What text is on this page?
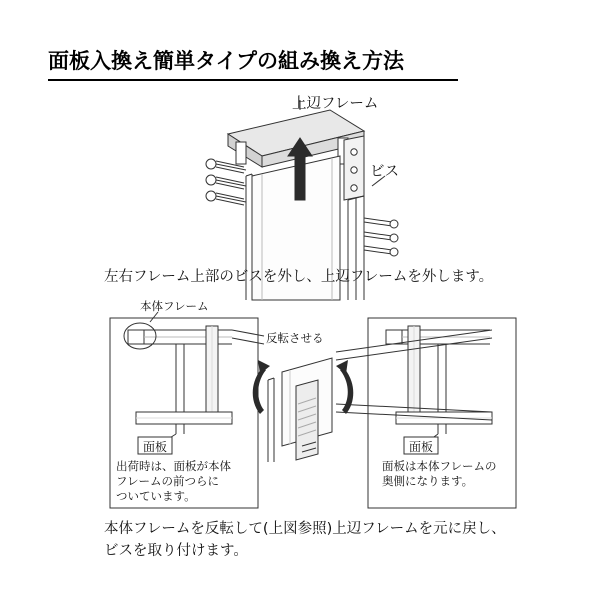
面板入換え簡単タイプの組み換え方法
上辺フレーム
ビス
左右フレーム上部のビスを外し、上辺フレームを外します。
本体フレーム
面板
出荷時は、面板が本体
フレームの前つらに
ついています。
反転させる
面板
面板は本体フレームの
奥側になります。
本体フレームを反転して(上図参照)上辺フレームを元に戻し、
ビスを取り付けます。
